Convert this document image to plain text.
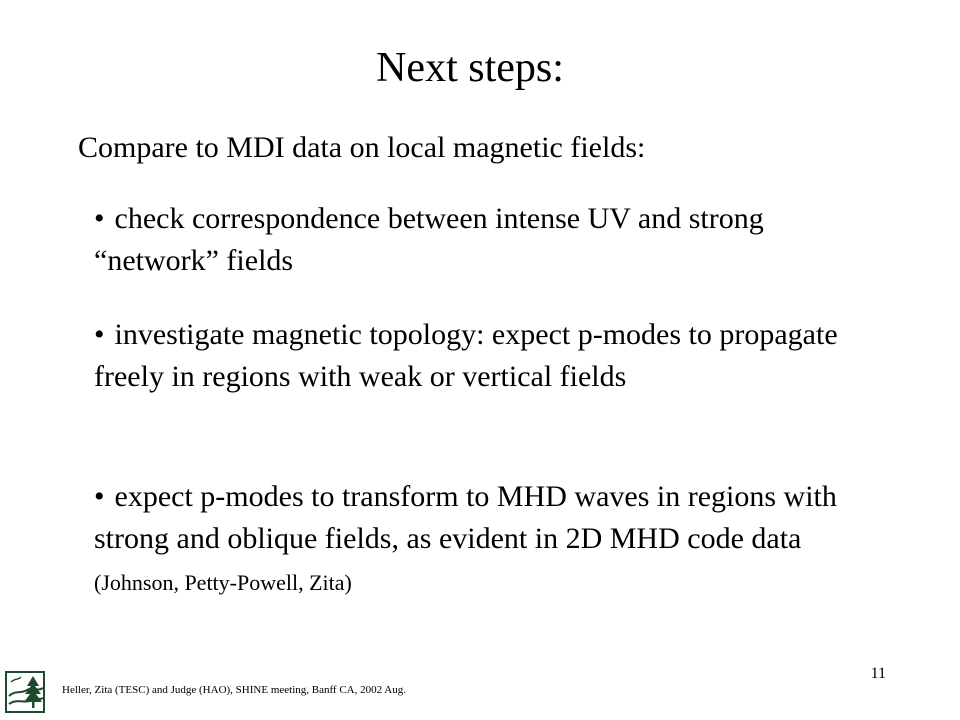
Next steps:
Compare to MDI data on local magnetic fields:
• check correspondence between intense UV and strong “network” fields
• investigate magnetic topology: expect p-modes to propagate freely in regions with weak or vertical fields
• expect p-modes to transform to MHD waves in regions with strong and oblique fields, as evident in 2D MHD code data (Johnson, Petty-Powell, Zita)
Heller, Zita (TESC) and Judge (HAO), SHINE meeting, Banff CA, 2002 Aug.
11
